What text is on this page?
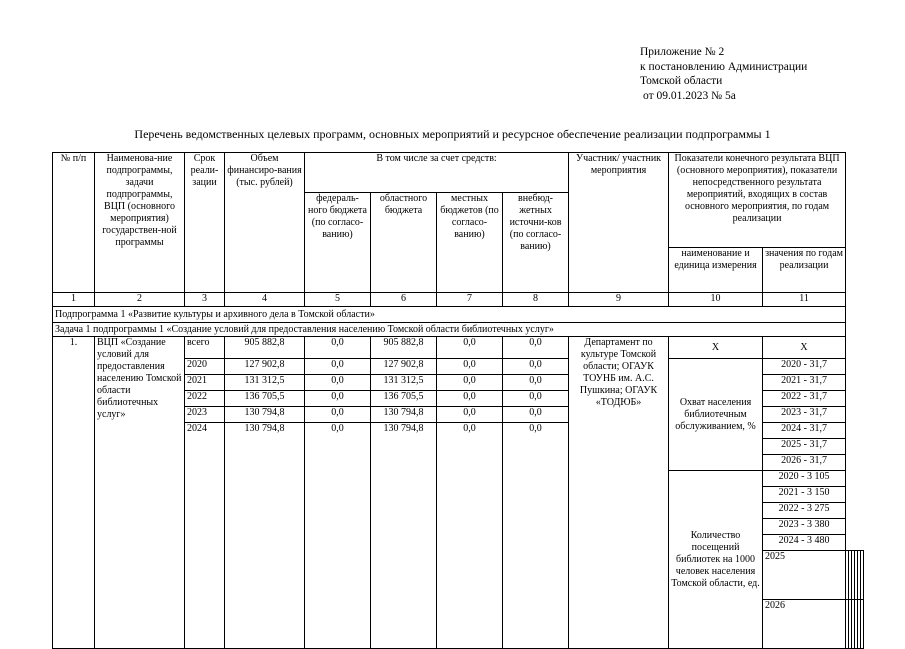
Приложение № 2
к постановлению Администрации
Томской области
от 09.01.2023 № 5а
Перечень ведомственных целевых программ, основных мероприятий и ресурсное обеспечение реализации подпрограммы 1
№ п/п	Наименова-ние подпрограммы, задачи подпрограммы, ВЦП (основного мероприятия) государствен-ной программы	Срок реали-зации	Объем финансиро-вания (тыс. рублей)	В том числе за счет средств:				Участник/ участник мероприятия	Показатели конечного результата ВЦП (основного мероприятия), показатели непосредственного результата мероприятий, входящих в состав основного мероприятия, по годам реализации							
				федераль-ного бюджета (по согласо-ванию)	областного бюджета	местных бюджетов (по согласо-ванию)	внебюд-жетных источни-ков (по согласо-ванию)									
									наименование и единица измерения	значения по годам реализации						
1	2	3	4	5	6	7	8	9	10	11						
Подпрограмма 1 «Развитие культуры и архивного дела в Томской области»																
Задача 1 подпрограммы 1 «Создание условий для предоставления населению Томской области библиотечных услуг»																
1.	ВЦП «Создание условий для предоставления населению Томской области библиотечных услуг»	всего	905 882,8	0,0	905 882,8	0,0	0,0	Департамент по культуре Томской области; ОГАУК ТОУНБ им. А.С. Пушкина; ОГАУК «ТОДЮБ»	Х	Х						
		2020	127 902,8	0,0	127 902,8	0,0	0,0		Охват населения библиотечным обслуживанием, %	2020 - 31,7						
		2021	131 312,5	0,0	131 312,5	0,0	0,0			2021 - 31,7						
		2022	136 705,5	0,0	136 705,5	0,0	0,0			2022 - 31,7						
		2023	130 794,8	0,0	130 794,8	0,0	0,0			2023 - 31,7						
		2024	130 794,8	0,0	130 794,8	0,0	0,0			2024 - 31,7						
										2025 - 31,7						
										2026 - 31,7						
									Количество посещений библиотек на 1000 человек населения Томской области, ед.	2020 - 3 105						
										2021 - 3 150						
										2022 - 3 275						
										2023 - 3 380						
										2024 - 3 480						
										2025						
										2026						
